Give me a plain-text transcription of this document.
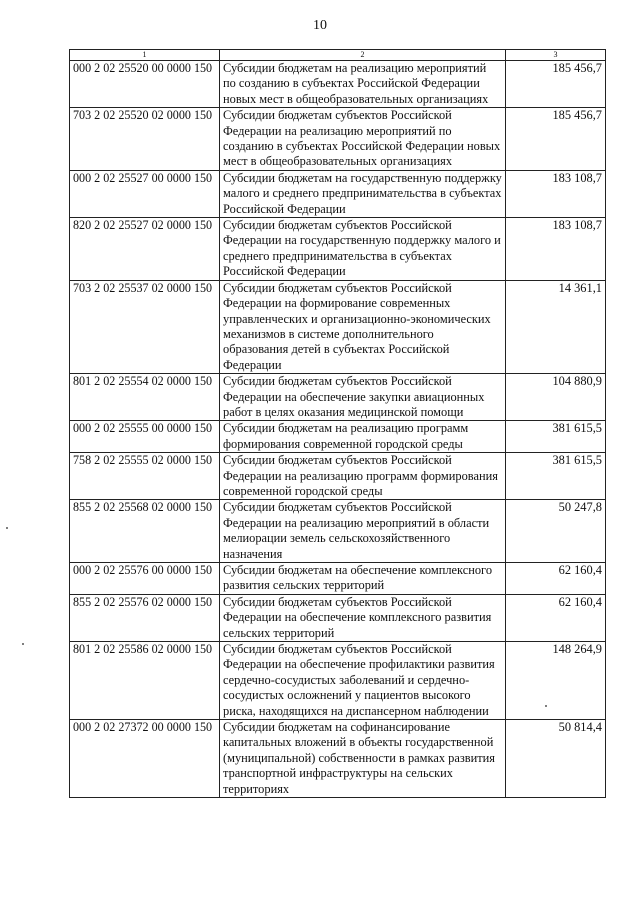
10
1	2	3
000 2 02 25520 00 0000 150	Субсидии бюджетам на реализацию мероприятий по созданию в субъектах Российской Федерации новых мест в общеобразовательных организациях	185 456,7
703 2 02 25520 02 0000 150	Субсидии бюджетам субъектов Российской Федерации на реализацию мероприятий по созданию в субъектах Российской Федерации новых мест в общеобразовательных организациях	185 456,7
000 2 02 25527 00 0000 150	Субсидии бюджетам на государственную поддержку малого и среднего предпринимательства в субъектах Российской Федерации	183 108,7
820 2 02 25527 02 0000 150	Субсидии бюджетам субъектов Российской Федерации на государственную поддержку малого и среднего предпринимательства в субъектах Российской Федерации	183 108,7
703 2 02 25537 02 0000 150	Субсидии бюджетам субъектов Российской Федерации на формирование современных управленческих и организационно-экономических механизмов в системе дополнительного образования детей в субъектах Российской Федерации	14 361,1
801 2 02 25554 02 0000 150	Субсидии бюджетам субъектов Российской Федерации на обеспечение закупки авиационных работ в целях оказания медицинской помощи	104 880,9
000 2 02 25555 00 0000 150	Субсидии бюджетам на реализацию программ формирования современной городской среды	381 615,5
758 2 02 25555 02 0000 150	Субсидии бюджетам субъектов Российской Федерации на реализацию программ формирования современной городской среды	381 615,5
855 2 02 25568 02 0000 150	Субсидии бюджетам субъектов Российской Федерации на реализацию мероприятий в области мелиорации земель сельскохозяйственного назначения	50 247,8
000 2 02 25576 00 0000 150	Субсидии бюджетам на обеспечение комплексного развития сельских территорий	62 160,4
855 2 02 25576 02 0000 150	Субсидии бюджетам субъектов Российской Федерации на обеспечение комплексного развития сельских территорий	62 160,4
801 2 02 25586 02 0000 150	Субсидии бюджетам субъектов Российской Федерации на обеспечение профилактики развития сердечно-сосудистых заболеваний и сердечно-сосудистых осложнений у пациентов высокого риска, находящихся на диспансерном наблюдении	148 264,9
000 2 02 27372 00 0000 150	Субсидии бюджетам на софинансирование капитальных вложений в объекты государственной (муниципальной) собственности в рамках развития транспортной инфраструктуры на сельских территориях	50 814,4
